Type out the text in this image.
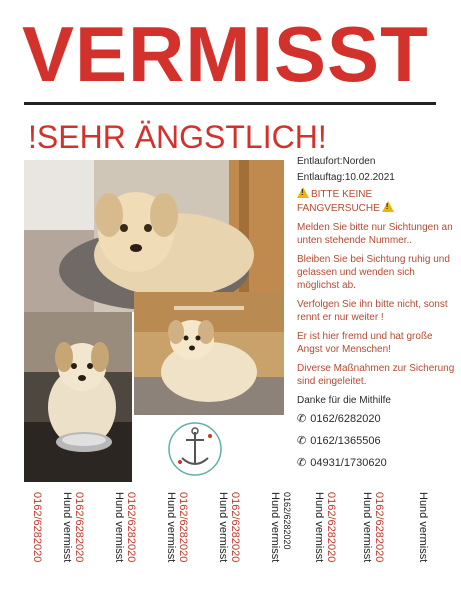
VERMISST
!SEHR ÄNGSTLICH!
Entlaufort:Norden
Entlauftag:10.02.2021
!BITTE KEINE
FANGVERSUCHE!
Melden Sie bitte nur Sichtungen an unten stehende Nummer..
Bleiben Sie bei Sichtung ruhig und gelassen und wenden sich möglichst ab.
Verfolgen Sie ihn bitte nicht, sonst rennt er nur weiter !
Er ist hier fremd und hat große Angst vor Menschen!
Diverse Maßnahmen zur Sicherung sind eingeleitet.
Danke für die Mithilfe
✆ 0162/6282020
✆ 0162/1365506
✆ 04931/1730620
0162/6282020 Hund vermisst 0162/6282020	Hund vermisst 0162/6282020	Hund vermisst 0162/6282020	Hund vermisst 0162/6282020	Hund vermisst 0162/6282020 Hund vermisst 0162/6282020 Hund vermisst 0162/6282020	Hund vermisst
